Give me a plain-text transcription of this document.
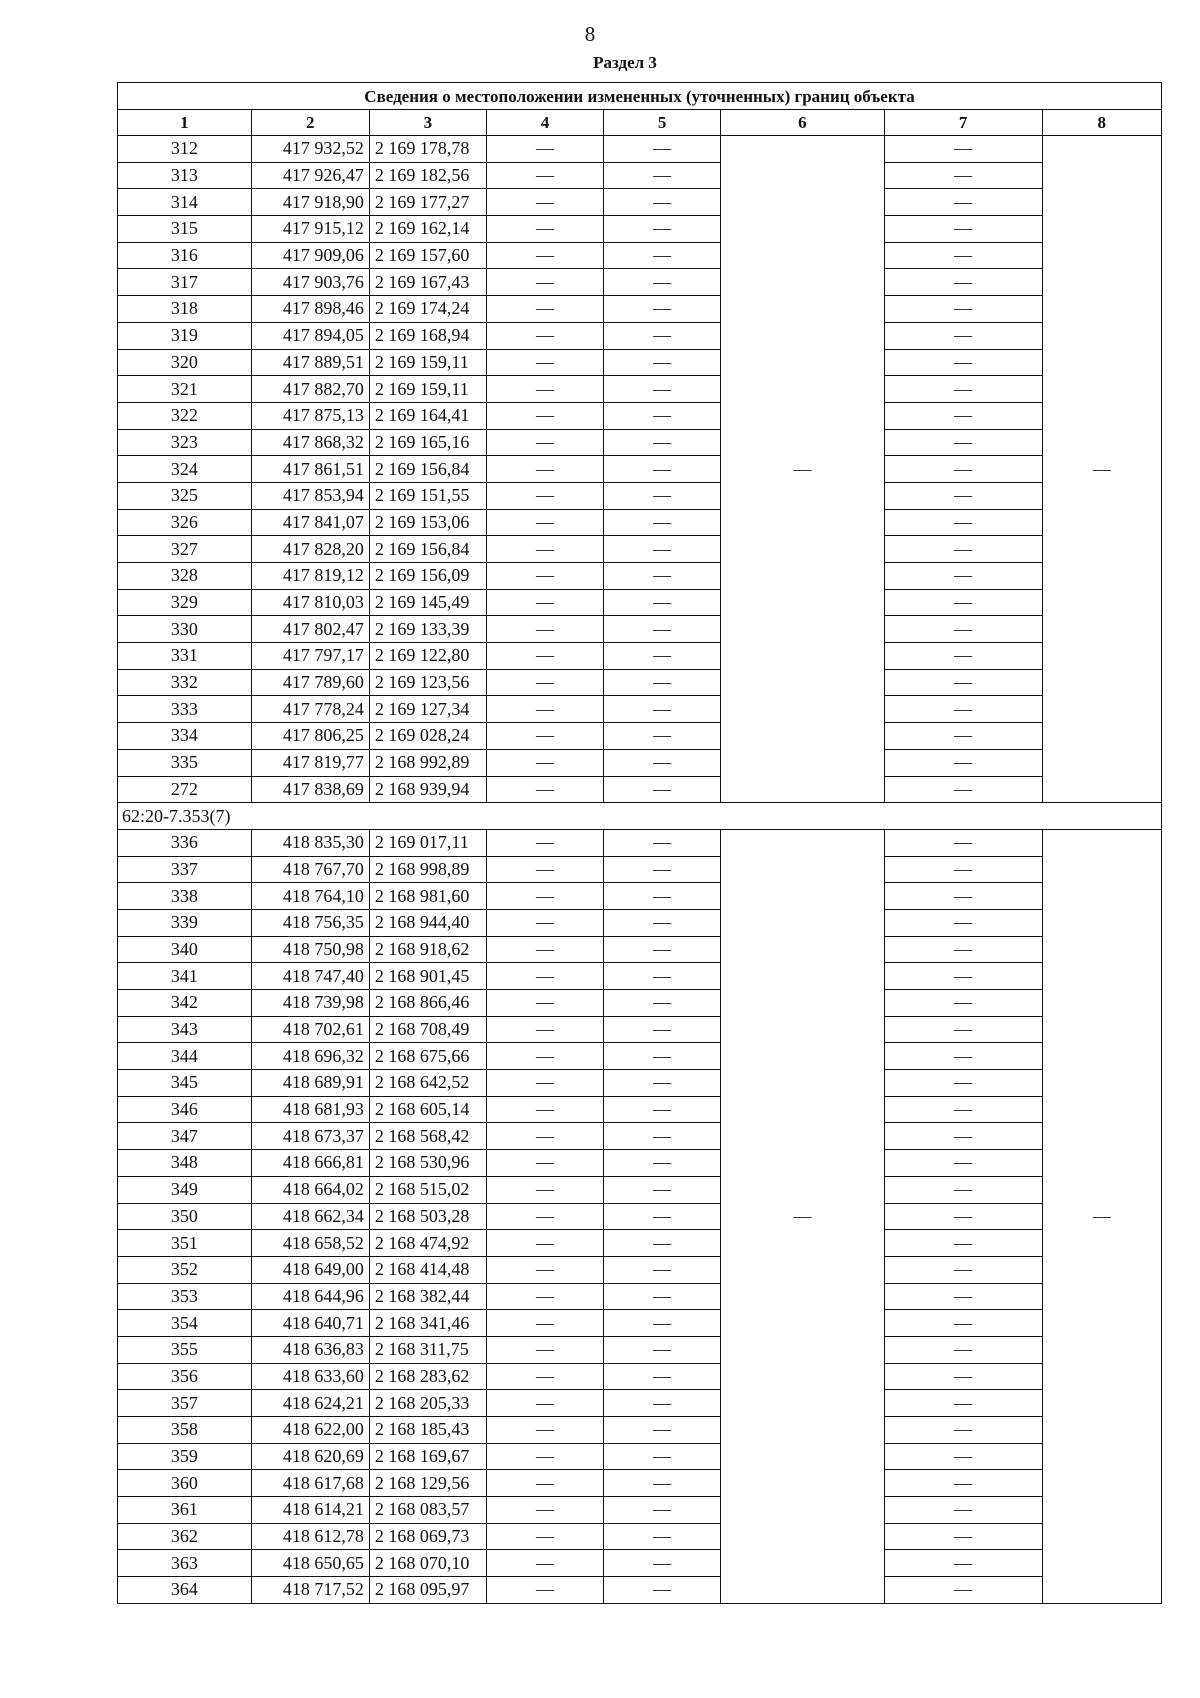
8
Раздел 3
Сведения о местоположении измененных (уточненных) границ объекта							
1	2	3	4	5	6	7	8
312	417 932,52	2 169 178,78	—	—	—	—	—
313	417 926,47	2 169 182,56	—	—		—	
314	417 918,90	2 169 177,27	—	—		—	
315	417 915,12	2 169 162,14	—	—		—	
316	417 909,06	2 169 157,60	—	—		—	
317	417 903,76	2 169 167,43	—	—		—	
318	417 898,46	2 169 174,24	—	—		—	
319	417 894,05	2 169 168,94	—	—		—	
320	417 889,51	2 169 159,11	—	—		—	
321	417 882,70	2 169 159,11	—	—		—	
322	417 875,13	2 169 164,41	—	—		—	
323	417 868,32	2 169 165,16	—	—		—	
324	417 861,51	2 169 156,84	—	—		—	
325	417 853,94	2 169 151,55	—	—		—	
326	417 841,07	2 169 153,06	—	—		—	
327	417 828,20	2 169 156,84	—	—		—	
328	417 819,12	2 169 156,09	—	—		—	
329	417 810,03	2 169 145,49	—	—		—	
330	417 802,47	2 169 133,39	—	—		—	
331	417 797,17	2 169 122,80	—	—		—	
332	417 789,60	2 169 123,56	—	—		—	
333	417 778,24	2 169 127,34	—	—		—	
334	417 806,25	2 169 028,24	—	—		—	
335	417 819,77	2 168 992,89	—	—		—	
272	417 838,69	2 168 939,94	—	—		—	
62:20-7.353(7)							
336	418 835,30	2 169 017,11	—	—	—	—	—
337	418 767,70	2 168 998,89	—	—		—	
338	418 764,10	2 168 981,60	—	—		—	
339	418 756,35	2 168 944,40	—	—		—	
340	418 750,98	2 168 918,62	—	—		—	
341	418 747,40	2 168 901,45	—	—		—	
342	418 739,98	2 168 866,46	—	—		—	
343	418 702,61	2 168 708,49	—	—		—	
344	418 696,32	2 168 675,66	—	—		—	
345	418 689,91	2 168 642,52	—	—		—	
346	418 681,93	2 168 605,14	—	—		—	
347	418 673,37	2 168 568,42	—	—		—	
348	418 666,81	2 168 530,96	—	—		—	
349	418 664,02	2 168 515,02	—	—		—	
350	418 662,34	2 168 503,28	—	—		—	
351	418 658,52	2 168 474,92	—	—		—	
352	418 649,00	2 168 414,48	—	—		—	
353	418 644,96	2 168 382,44	—	—		—	
354	418 640,71	2 168 341,46	—	—		—	
355	418 636,83	2 168 311,75	—	—		—	
356	418 633,60	2 168 283,62	—	—		—	
357	418 624,21	2 168 205,33	—	—		—	
358	418 622,00	2 168 185,43	—	—		—	
359	418 620,69	2 168 169,67	—	—		—	
360	418 617,68	2 168 129,56	—	—		—	
361	418 614,21	2 168 083,57	—	—		—	
362	418 612,78	2 168 069,73	—	—		—	
363	418 650,65	2 168 070,10	—	—		—	
364	418 717,52	2 168 095,97	—	—		—	
